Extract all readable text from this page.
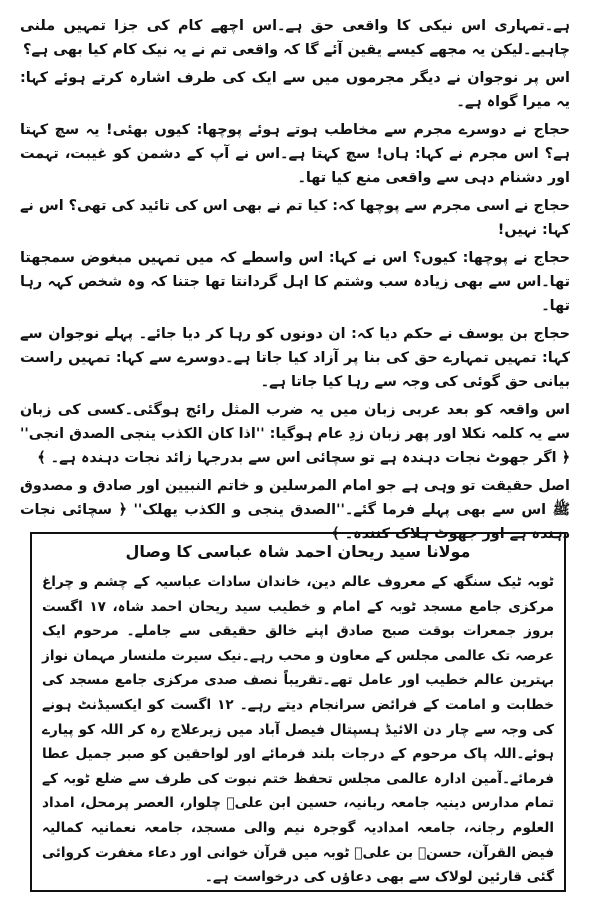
ہے۔تمہاری اس نیکی کا واقعی حق ہے۔اس اچھے کام کی جزا تمہیں ملنی چاہیے۔لیکن یہ مجھے کیسے یقین آئے گا کہ واقعی تم نے یہ نیک کام کیا بھی ہے؟

اس پر نوجوان نے دیگر مجرموں میں سے ایک کی طرف اشارہ کرتے ہوئے کہا: یہ میرا گواہ ہے۔

حجاج نے دوسرے مجرم سے مخاطب ہوتے ہوئے پوچھا: کیوں بھئی! یہ سچ کہتا ہے؟ اس مجرم نے کہا: ہاں! سچ کہتا ہے۔اس نے آپ کے دشمن کو غیبت، تہمت اور دشنام دہی سے واقعی منع کیا تھا۔

حجاج نے اسی مجرم سے پوچھا کہ: کیا تم نے بھی اس کی تائید کی تھی؟ اس نے کہا: نہیں!

حجاج نے پوچھا: کیوں؟ اس نے کہا: اس واسطے کہ میں تمہیں مبغوض سمجھتا تھا۔اس سے بھی زیادہ سب وشتم کا اہل گردانتا تھا جتنا کہ وہ شخص کہہ رہا تھا۔

حجاج بن یوسف نے حکم دیا کہ: ان دونوں کو رہا کر دیا جائے۔ پہلے نوجوان سے کہا: تمہیں تمہارے حق کی بنا پر آزاد کیا جاتا ہے۔دوسرے سے کہا: تمہیں راست بیانی حق گوئی کی وجہ سے رہا کیا جاتا ہے۔

اس واقعہ کو بعد عربی زبان میں یہ ضرب المثل رائج ہوگئی۔کسی کی زبان سے یہ کلمہ نکلا اور پھر زبان زدِ عام ہوگیا: ''اذا کان الکذب ینجی الصدق انجی'' ﴿ اگر جھوٹ نجات دہندہ ہے تو سچائی اس سے بدرجہا زائد نجات دہندہ ہے۔ ﴾

اصل حقیقت تو وہی ہے جو امام المرسلین و خاتم النبیین اور صادق و مصدوق ﷺ اس سے بھی پہلے فرما گئے۔''الصدق ینجی و الکذب یھلک'' ﴿ سچائی نجات دہندہ ہے اور جھوٹ ہلاک کنندہ۔ ﴾

مولانا سید ریحان احمد شاہ عباسی کا وصال
ٹوبہ ٹیک سنگھ کے معروف عالم دین، خاندان سادات عباسیہ کے چشم و چراغ مرکزی جامع مسجد ٹوبہ کے امام و خطیب سید ریحان احمد شاہ، ۱۷ اگست بروز جمعرات بوقت صبح صادق اپنے خالق حقیقی سے جاملے۔ مرحوم ایک عرصہ تک عالمی مجلس کے معاون و محب رہے۔نیک سیرت ملنسار مہمان نواز بہترین عالم خطیب اور عامل تھے۔تقریباً نصف صدی مرکزی جامع مسجد کی خطابت و امامت کے فرائض سرانجام دیتے رہے۔ ۱۲ اگست کو ایکسیڈنٹ ہونے کی وجہ سے چار دن الائیڈ ہسپتال فیصل آباد میں زیرعلاج رہ کر اللہ کو پیارے ہوئے۔اللہ پاک مرحوم کے درجات بلند فرمائے اور لواحقین کو صبر جمیل عطا فرمائے۔آمین ادارہ عالمی مجلس تحفظ ختم نبوت کی طرف سے ضلع ٹوبہ کے تمام مدارس دینیہ جامعہ ربانیہ، حسین ابن علیؓ چلوار، العصر پرمحل، امداد العلوم رجانہ، جامعہ امدادیہ گوجرہ نیم والی مسجد، جامعہ نعمانیہ کمالیہ فیض القرآن، حسنؓ بن علیؓ ٹوبہ میں قرآن خوانی اور دعاء مغفرت کروائی گئی قارئین لولاک سے بھی دعاؤں کی درخواست ہے۔
